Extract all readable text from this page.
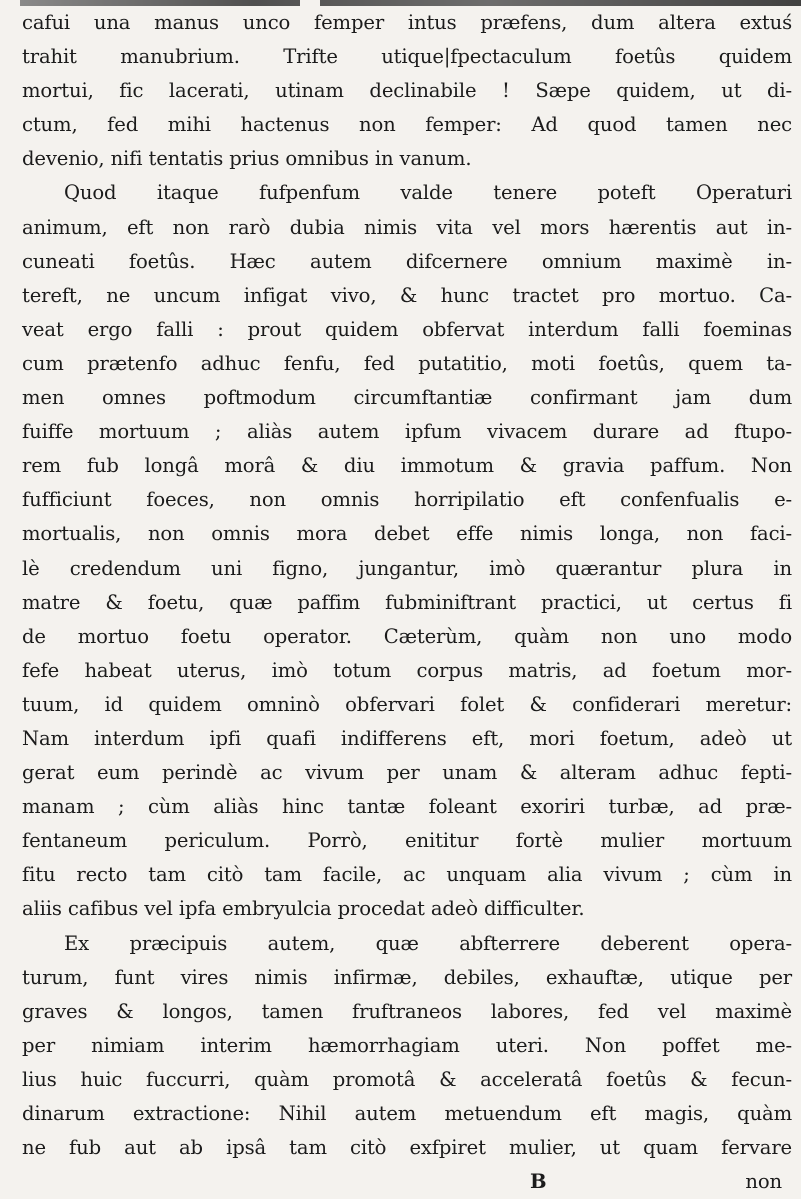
cafui una manus unco femper intus præfens, dum altera extuś
trahit manubrium. Trifte utique|fpectaculum foetûs quidem
mortui, fic lacerati, utinam declinabile ! Sæpe quidem, ut di-
ctum, fed mihi hactenus non femper: Ad quod tamen nec
devenio, nifi tentatis prius omnibus in vanum.
Quod itaque fufpenfum valde tenere poteft Operaturi
animum, eft non rarò dubia nimis vita vel mors hærentis aut in-
cuneati foetûs. Hæc autem difcernere omnium maximè in-
tereft, ne uncum infigat vivo, & hunc tractet pro mortuo. Ca-
veat ergo falli : prout quidem obfervat interdum falli foeminas
cum prætenfo adhuc fenfu, fed putatitio, moti foetûs, quem ta-
men omnes poftmodum circumftantiæ confirmant jam dum
fuiffe mortuum ; aliàs autem ipfum vivacem durare ad ftupo-
rem fub longâ morâ & diu immotum & gravia paffum. Non
fufficiunt foeces, non omnis horripilatio eft confenfualis e-
mortualis, non omnis mora debet effe nimis longa, non faci-
lè credendum uni figno, jungantur, imò quærantur plura in
matre & foetu, quæ paffim fubminiftrant practici, ut certus fi
de mortuo foetu operator. Cæterùm, quàm non uno modo
fefe habeat uterus, imò totum corpus matris, ad foetum mor-
tuum, id quidem omninò obfervari folet & confiderari meretur:
Nam interdum ipfi quafi indifferens eft, mori foetum, adeò ut
gerat eum perindè ac vivum per unam & alteram adhuc fepti-
manam ; cùm aliàs hinc tantæ foleant exoriri turbæ, ad præ-
fentaneum periculum. Porrò, enititur fortè mulier mortuum
fitu recto tam citò tam facile, ac unquam alia vivum ; cùm in
aliis cafibus vel ipfa embryulcia procedat adeò difficulter.
Ex præcipuis autem, quæ abfterrere deberent opera-
turum, funt vires nimis infirmæ, debiles, exhauftæ, utique per
graves & longos, tamen fruftraneos labores, fed vel maximè
per nimiam interim hæmorrhagiam uteri. Non poffet me-
lius huic fuccurri, quàm promotâ & acceleratâ foetûs & fecun-
dinarum extractione: Nihil autem metuendum eft magis, quàm
ne fub aut ab ipsâ tam citò exfpiret mulier, ut quam fervare
B	non
